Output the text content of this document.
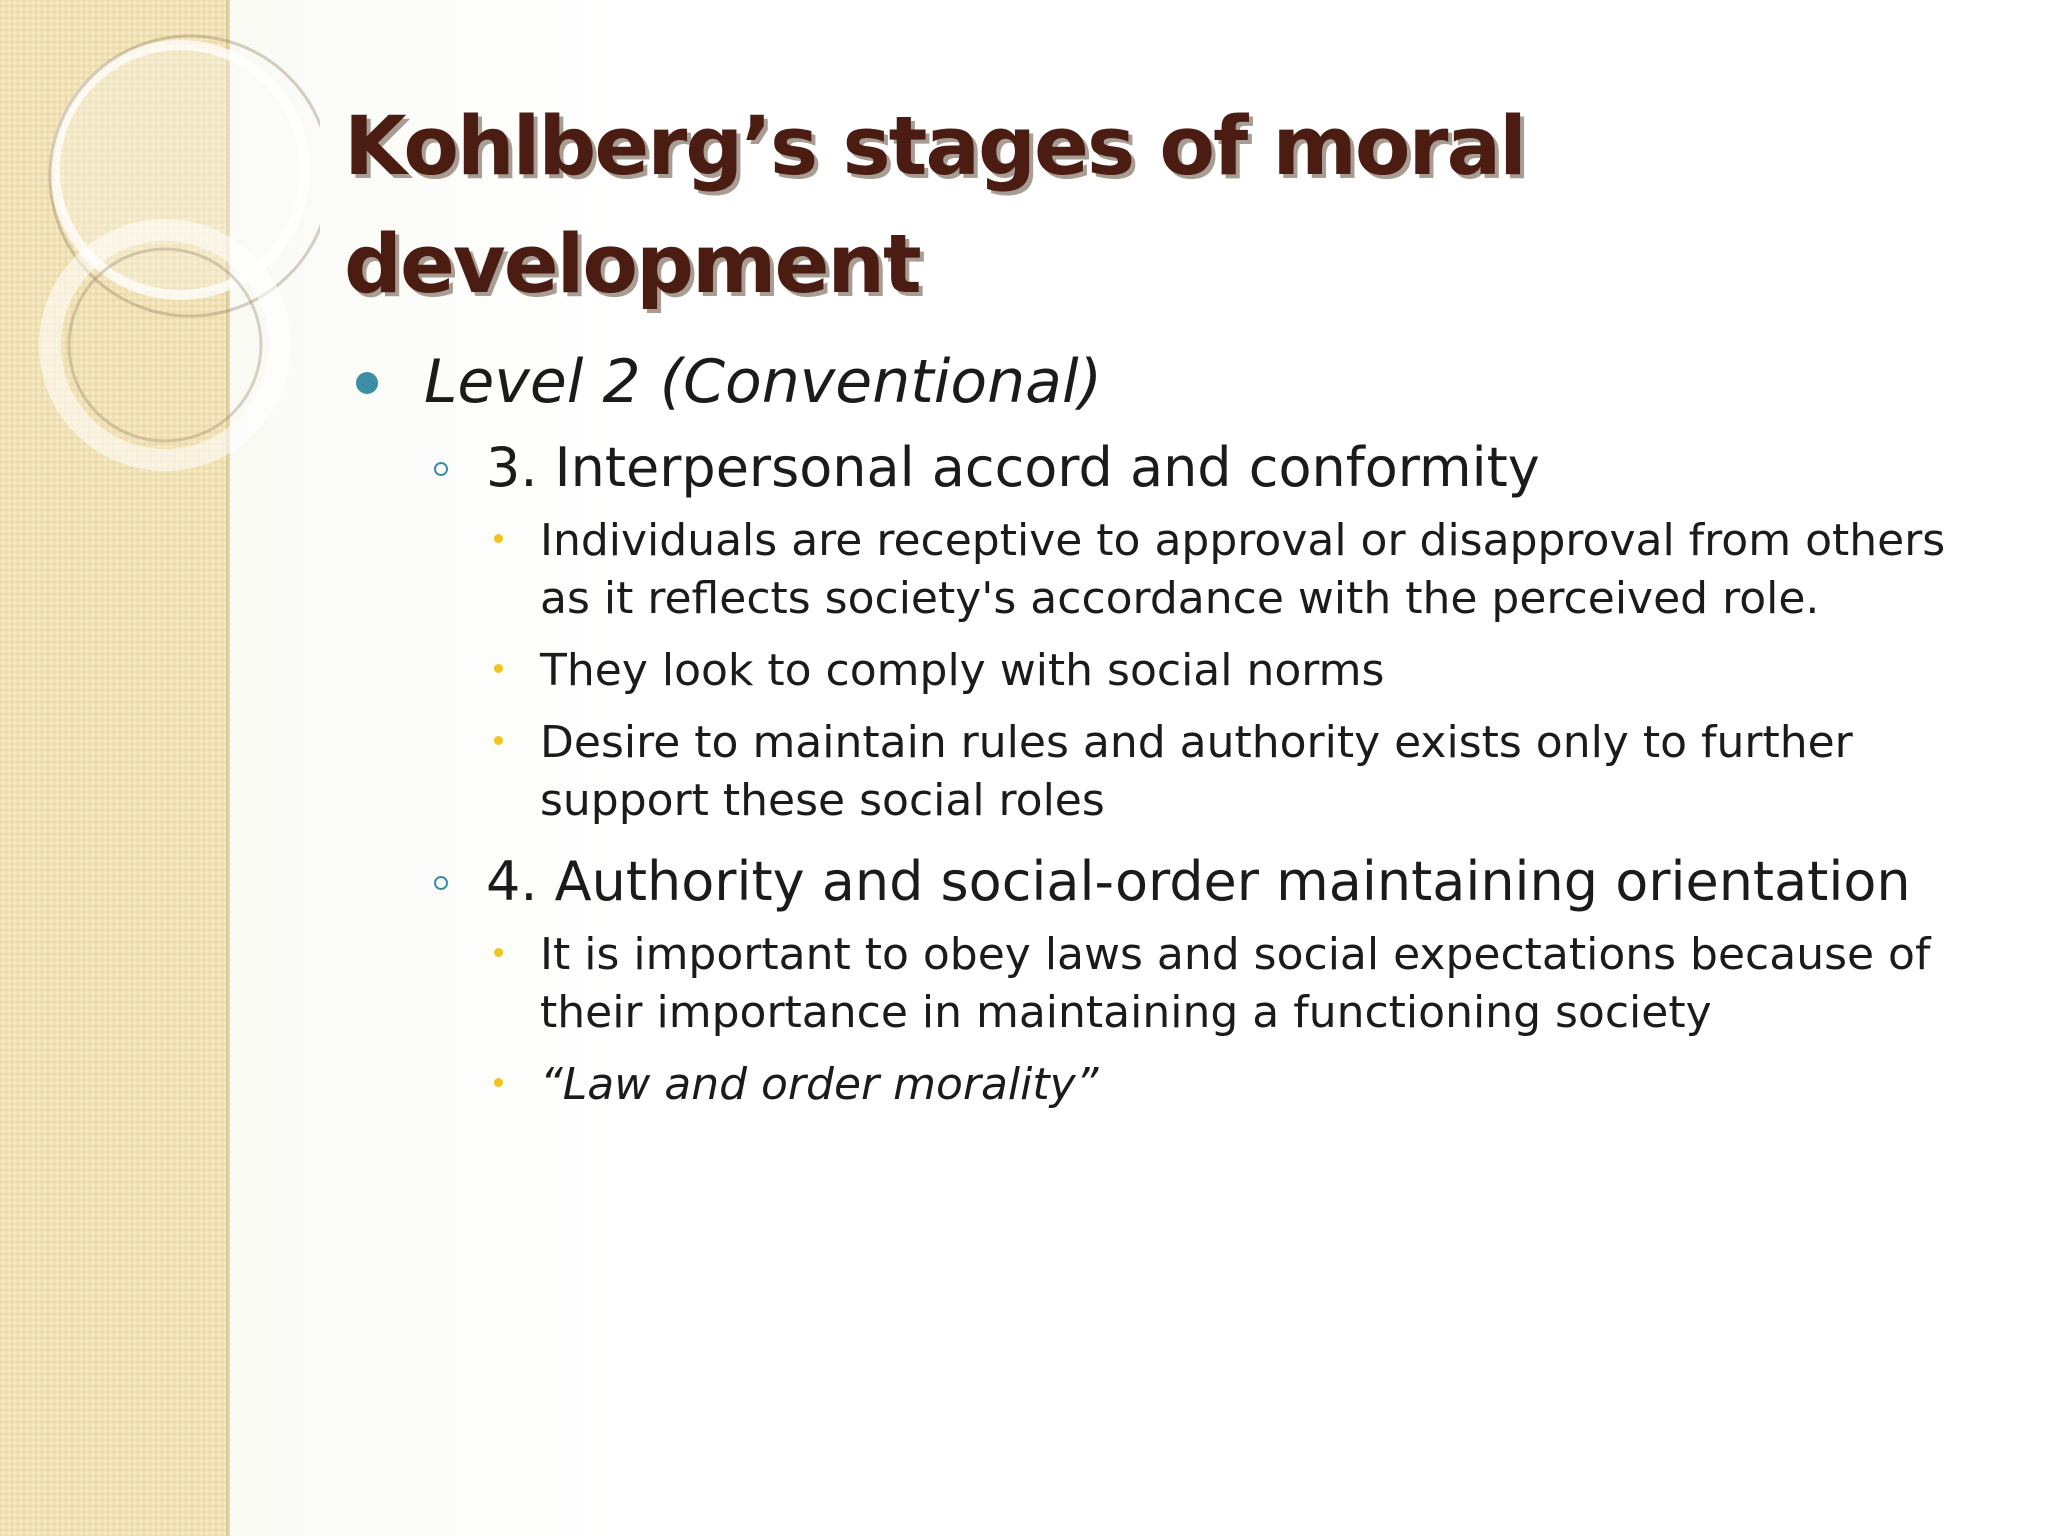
Kohlberg’s stages of moral development
Level 2 (Conventional)
3. Interpersonal accord and conformity
Individuals are receptive to approval or disapproval from others as it reflects society's accordance with the perceived role.
They look to comply with social norms
Desire to maintain rules and authority exists only to further support these social roles
4. Authority and social-order maintaining orientation
It is important to obey laws and social expectations because of their importance in maintaining a functioning society
“Law and order morality”
